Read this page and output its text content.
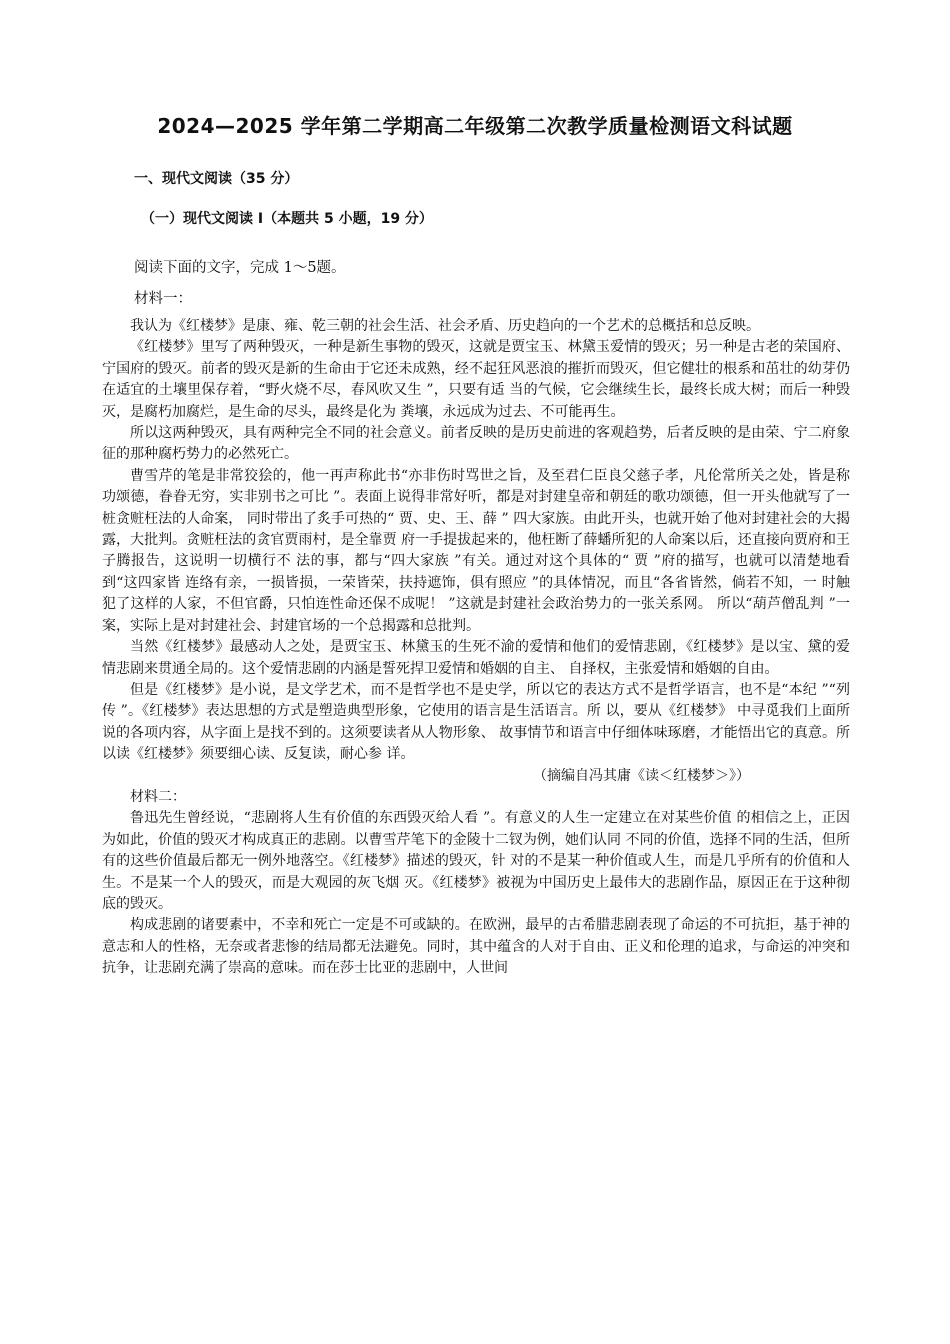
2024—2025 学年第二学期高二年级第二次教学质量检测语文科试题
一、现代文阅读（35 分）
（一）现代文阅读 I（本题共 5 小题，19 分）
阅读下面的文字，完成 1～5题。
材料一：

我认为《红楼梦》是康、雍、乾三朝的社会生活、社会矛盾、历史趋向的一个艺术的总概括和总反映。

《红楼梦》里写了两种毁灭，一种是新生事物的毁灭，这就是贾宝玉、林黛玉爱情的毁灭；另一种是古老的荣国府、宁国府的毁灭。前者的毁灭是新的生命由于它还未成熟，经不起狂风恶浪的摧折而毁灭，但它健壮的根系和茁壮的幼芽仍在适宜的土壤里保存着，“野火烧不尽，春风吹又生 ”，只要有适 当的气候，它会继续生长，最终长成大树；而后一种毁灭，是腐朽加腐烂，是生命的尽头，最终是化为 粪壤，永远成为过去、不可能再生。

所以这两种毁灭，具有两种完全不同的社会意义。前者反映的是历史前进的客观趋势，后者反映的是由荣、宁二府象征的那种腐朽势力的必然死亡。

曹雪芹的笔是非常狡狯的，他一再声称此书“亦非伤时骂世之旨，及至君仁臣良父慈子孝，凡伦常所关之处，皆是称功颂德，眷眷无穷，实非别书之可比 ”。表面上说得非常好听，都是对封建皇帝和朝廷的歌功颂德，但一开头他就写了一桩贪赃枉法的人命案， 同时带出了炙手可热的“ 贾、史、王、薛 ” 四大家族。由此开头，也就开始了他对封建社会的大揭露，大批判。贪赃枉法的贪官贾雨村，是全靠贾 府一手提拔起来的，他枉断了薛蟠所犯的人命案以后，还直接向贾府和王子腾报告，这说明一切横行不 法的事，都与“四大家族 ”有关。通过对这个具体的“ 贾 ”府的描写，也就可以清楚地看到“这四家皆 连络有亲，一损皆损，一荣皆荣，扶持遮饰，俱有照应 ”的具体情况，而且“各省皆然，倘若不知，一 时触犯了这样的人家，不但官爵，只怕连性命还保不成呢！ ”这就是封建社会政治势力的一张关系网。 所以“葫芦僧乱判 ”一案，实际上是对封建社会、封建官场的一个总揭露和总批判。

当然《红楼梦》最感动人之处，是贾宝玉、林黛玉的生死不渝的爱情和他们的爱情悲剧，《红楼梦》是以宝、黛的爱情悲剧来贯通全局的。这个爱情悲剧的内涵是誓死捍卫爱情和婚姻的自主、 自择权，主张爱情和婚姻的自由。

但是《红楼梦》是小说，是文学艺术，而不是哲学也不是史学，所以它的表达方式不是哲学语言，也不是“本纪 ”“列传 ”。《红楼梦》表达思想的方式是塑造典型形象，它使用的语言是生活语言。所 以，要从《红楼梦》 中寻觅我们上面所说的各项内容，从字面上是找不到的。这须要读者从人物形象、 故事情节和语言中仔细体味琢磨，才能悟出它的真意。所以读《红楼梦》须要细心读、反复读，耐心参 详。

（摘编自冯其庸《读＜红楼梦＞》）

材料二：

鲁迅先生曾经说，“悲剧将人生有价值的东西毁灭给人看 ”。有意义的人生一定建立在对某些价值 的相信之上，正因为如此，价值的毁灭才构成真正的悲剧。以曹雪芹笔下的金陵十二钗为例，她们认同 不同的价值，选择不同的生活，但所有的这些价值最后都无一例外地落空。《红楼梦》描述的毁灭，针 对的不是某一种价值或人生，而是几乎所有的价值和人生。不是某一个人的毁灭，而是大观园的灰飞烟 灭。《红楼梦》被视为中国历史上最伟大的悲剧作品，原因正在于这种彻底的毁灭。

构成悲剧的诸要素中，不幸和死亡一定是不可或缺的。在欧洲，最早的古希腊悲剧表现了命运的不可抗拒，基于神的意志和人的性格，无奈或者悲惨的结局都无法避免。同时，其中蕴含的人对于自由、正义和伦理的追求，与命运的冲突和抗争，让悲剧充满了崇高的意味。而在莎士比亚的悲剧中，人世间
